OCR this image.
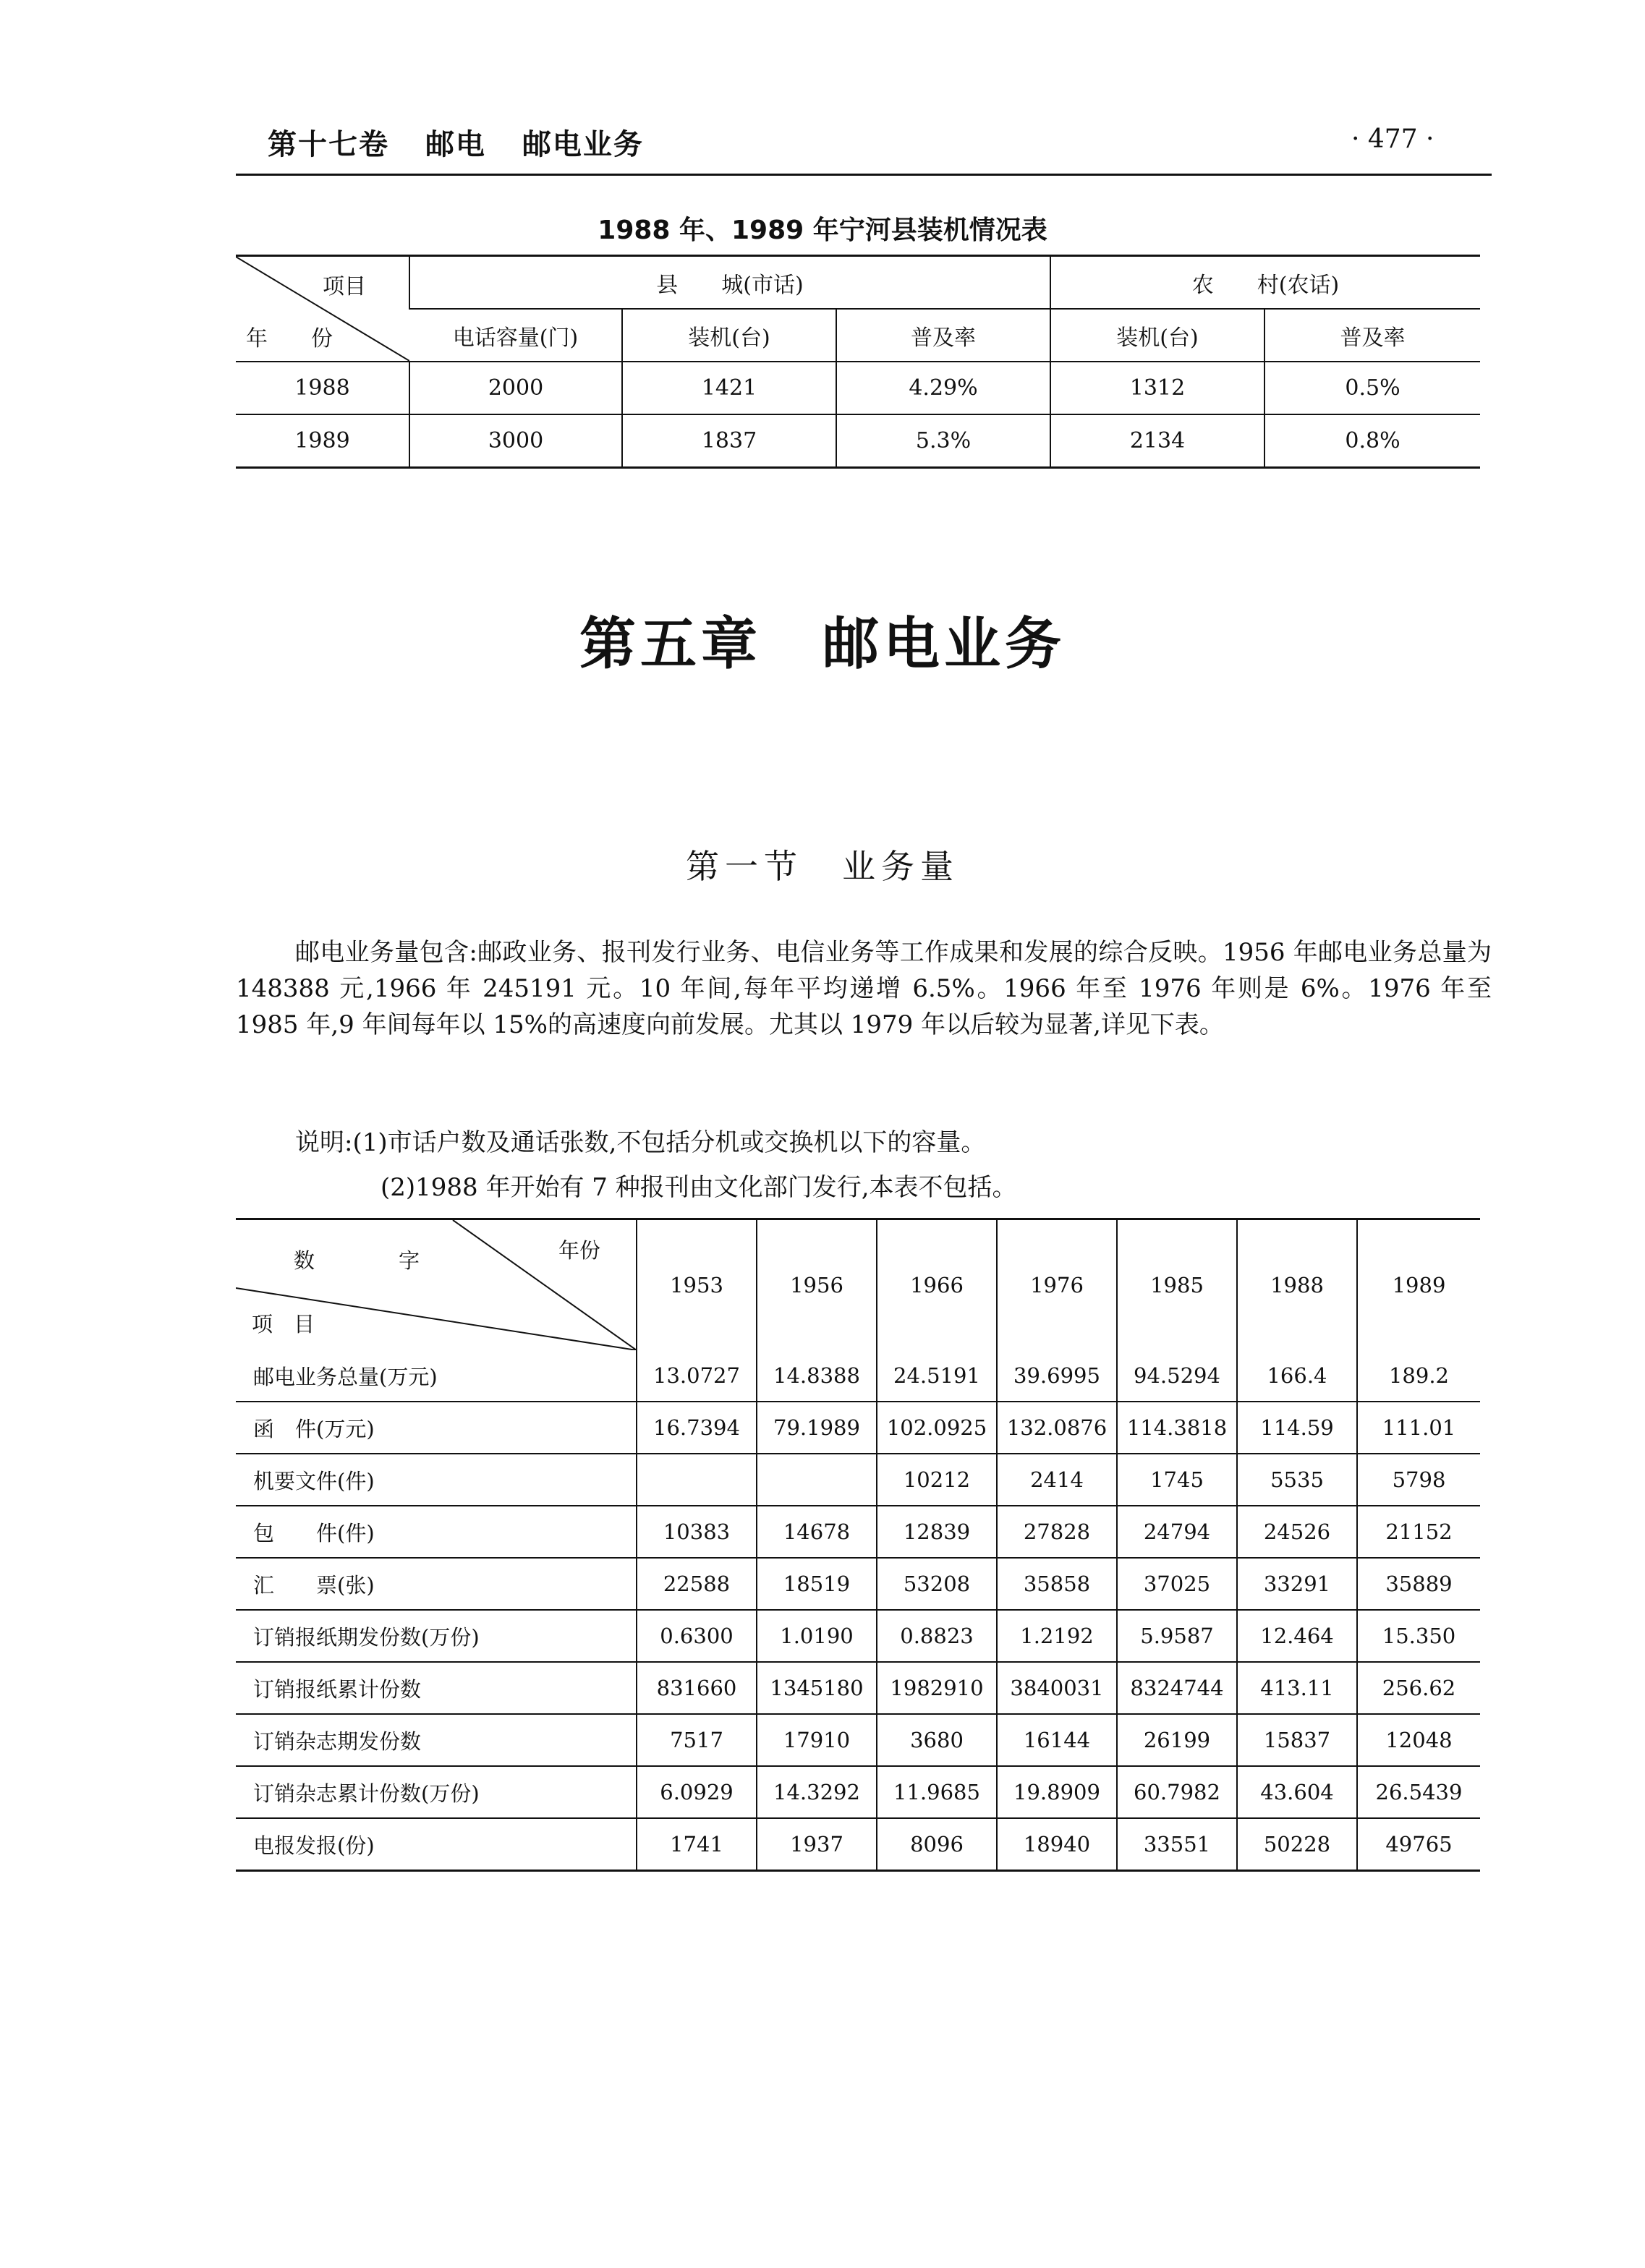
第十七卷 邮电 邮电业务	· 477 ·
1988 年、1989 年宁河县装机情况表
项目
年　　份	县　　城(市话)			农　　村(农话)	
	电话容量(门)	装机(台)	普及率	装机(台)	普及率
1988	2000	1421	4.29%	1312	0.5%
1989	3000	1837	5.3%	2134	0.8%
第五章　邮电业务
第一节　业务量
邮电业务量包含:邮政业务、报刊发行业务、电信业务等工作成果和发展的综合反映。1956 年邮电业务总量为 148388 元,1966 年 245191 元。10 年间,每年平均递增 6.5%。1966 年至 1976 年则是 6%。1976 年至 1985 年,9 年间每年以 15%的高速度向前发展。尤其以 1979 年以后较为显著,详见下表。
说明:(1)市话户数及通话张数,不包括分机或交换机以下的容量。
(2)1988 年开始有 7 种报刊由文化部门发行,本表不包括。
数　　　　字 年份
项　目	1953	1956	1966	1976	1985	1988	1989
邮电业务总量(万元)	13.0727	14.8388	24.5191	39.6995	94.5294	166.4	189.2
函　件(万元)	16.7394	79.1989	102.0925	132.0876	114.3818	114.59	111.01
机要文件(件)			10212	2414	1745	5535	5798
包　　件(件)	10383	14678	12839	27828	24794	24526	21152
汇　　票(张)	22588	18519	53208	35858	37025	33291	35889
订销报纸期发份数(万份)	0.6300	1.0190	0.8823	1.2192	5.9587	12.464	15.350
订销报纸累计份数	831660	1345180	1982910	3840031	8324744	413.11	256.62
订销杂志期发份数	7517	17910	3680	16144	26199	15837	12048
订销杂志累计份数(万份)	6.0929	14.3292	11.9685	19.8909	60.7982	43.604	26.5439
电报发报(份)	1741	1937	8096	18940	33551	50228	49765
